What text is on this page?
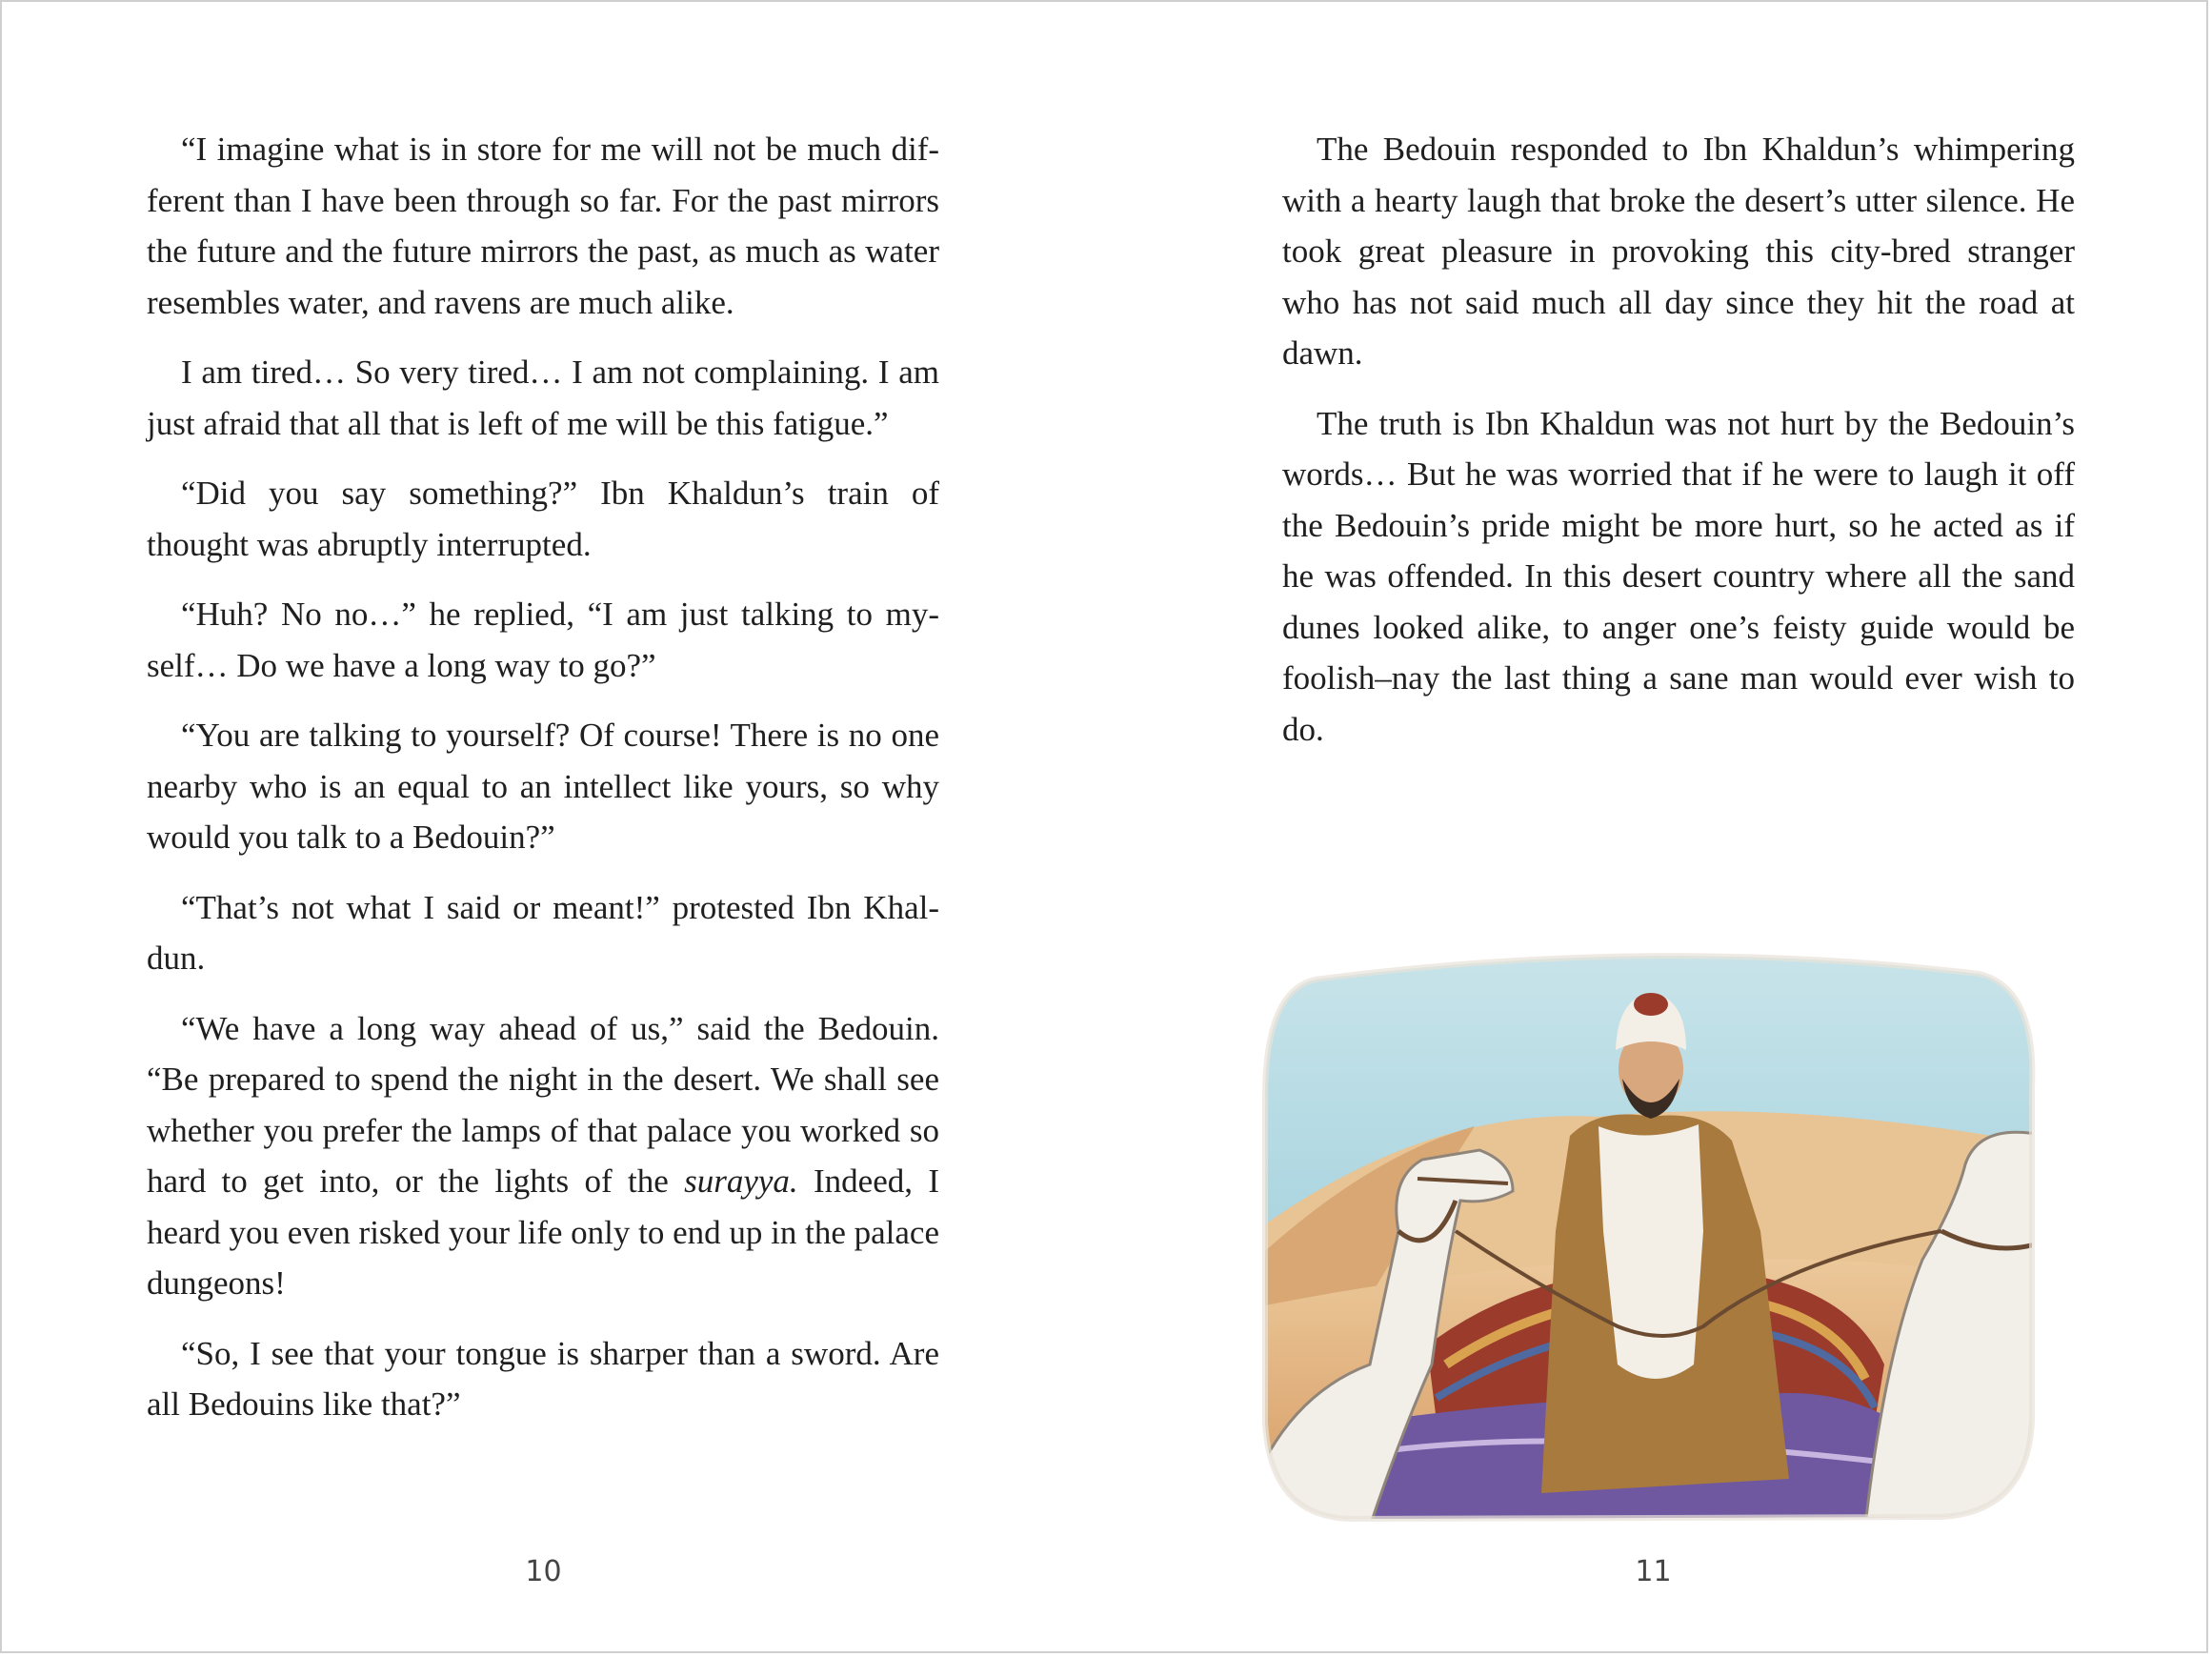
“I imagine what is in store for me will not be much different than I have been through so far. For the past mirrors the future and the future mirrors the past, as much as water resembles water, and ravens are much alike.

I am tired… So very tired… I am not complaining. I am just afraid that all that is left of me will be this fatigue.”

“Did you say something?” Ibn Khaldun’s train of thought was abruptly interrupted.

“Huh? No no…” he replied, “I am just talking to myself… Do we have a long way to go?”

“You are talking to yourself? Of course! There is no one nearby who is an equal to an intellect like yours, so why would you talk to a Bedouin?”

“That’s not what I said or meant!” protested Ibn Khaldun.

“We have a long way ahead of us,” said the Bedouin. “Be prepared to spend the night in the desert. We shall see whether you prefer the lamps of that palace you worked so hard to get into, or the lights of the surayya. Indeed, I heard you even risked your life only to end up in the palace dungeons!

“So, I see that your tongue is sharper than a sword. Are all Bedouins like that?”

10

The Bedouin responded to Ibn Khaldun’s whimpering with a hearty laugh that broke the desert’s utter silence. He took great pleasure in provoking this city-bred stranger who has not said much all day since they hit the road at dawn.

The truth is Ibn Khaldun was not hurt by the Bedouin’s words… But he was worried that if he were to laugh it off the Bedouin’s pride might be more hurt, so he acted as if he was offended. In this desert country where all the sand dunes looked alike, to anger one’s feisty guide would be foolish–nay the last thing a sane man would ever wish to do.

11
